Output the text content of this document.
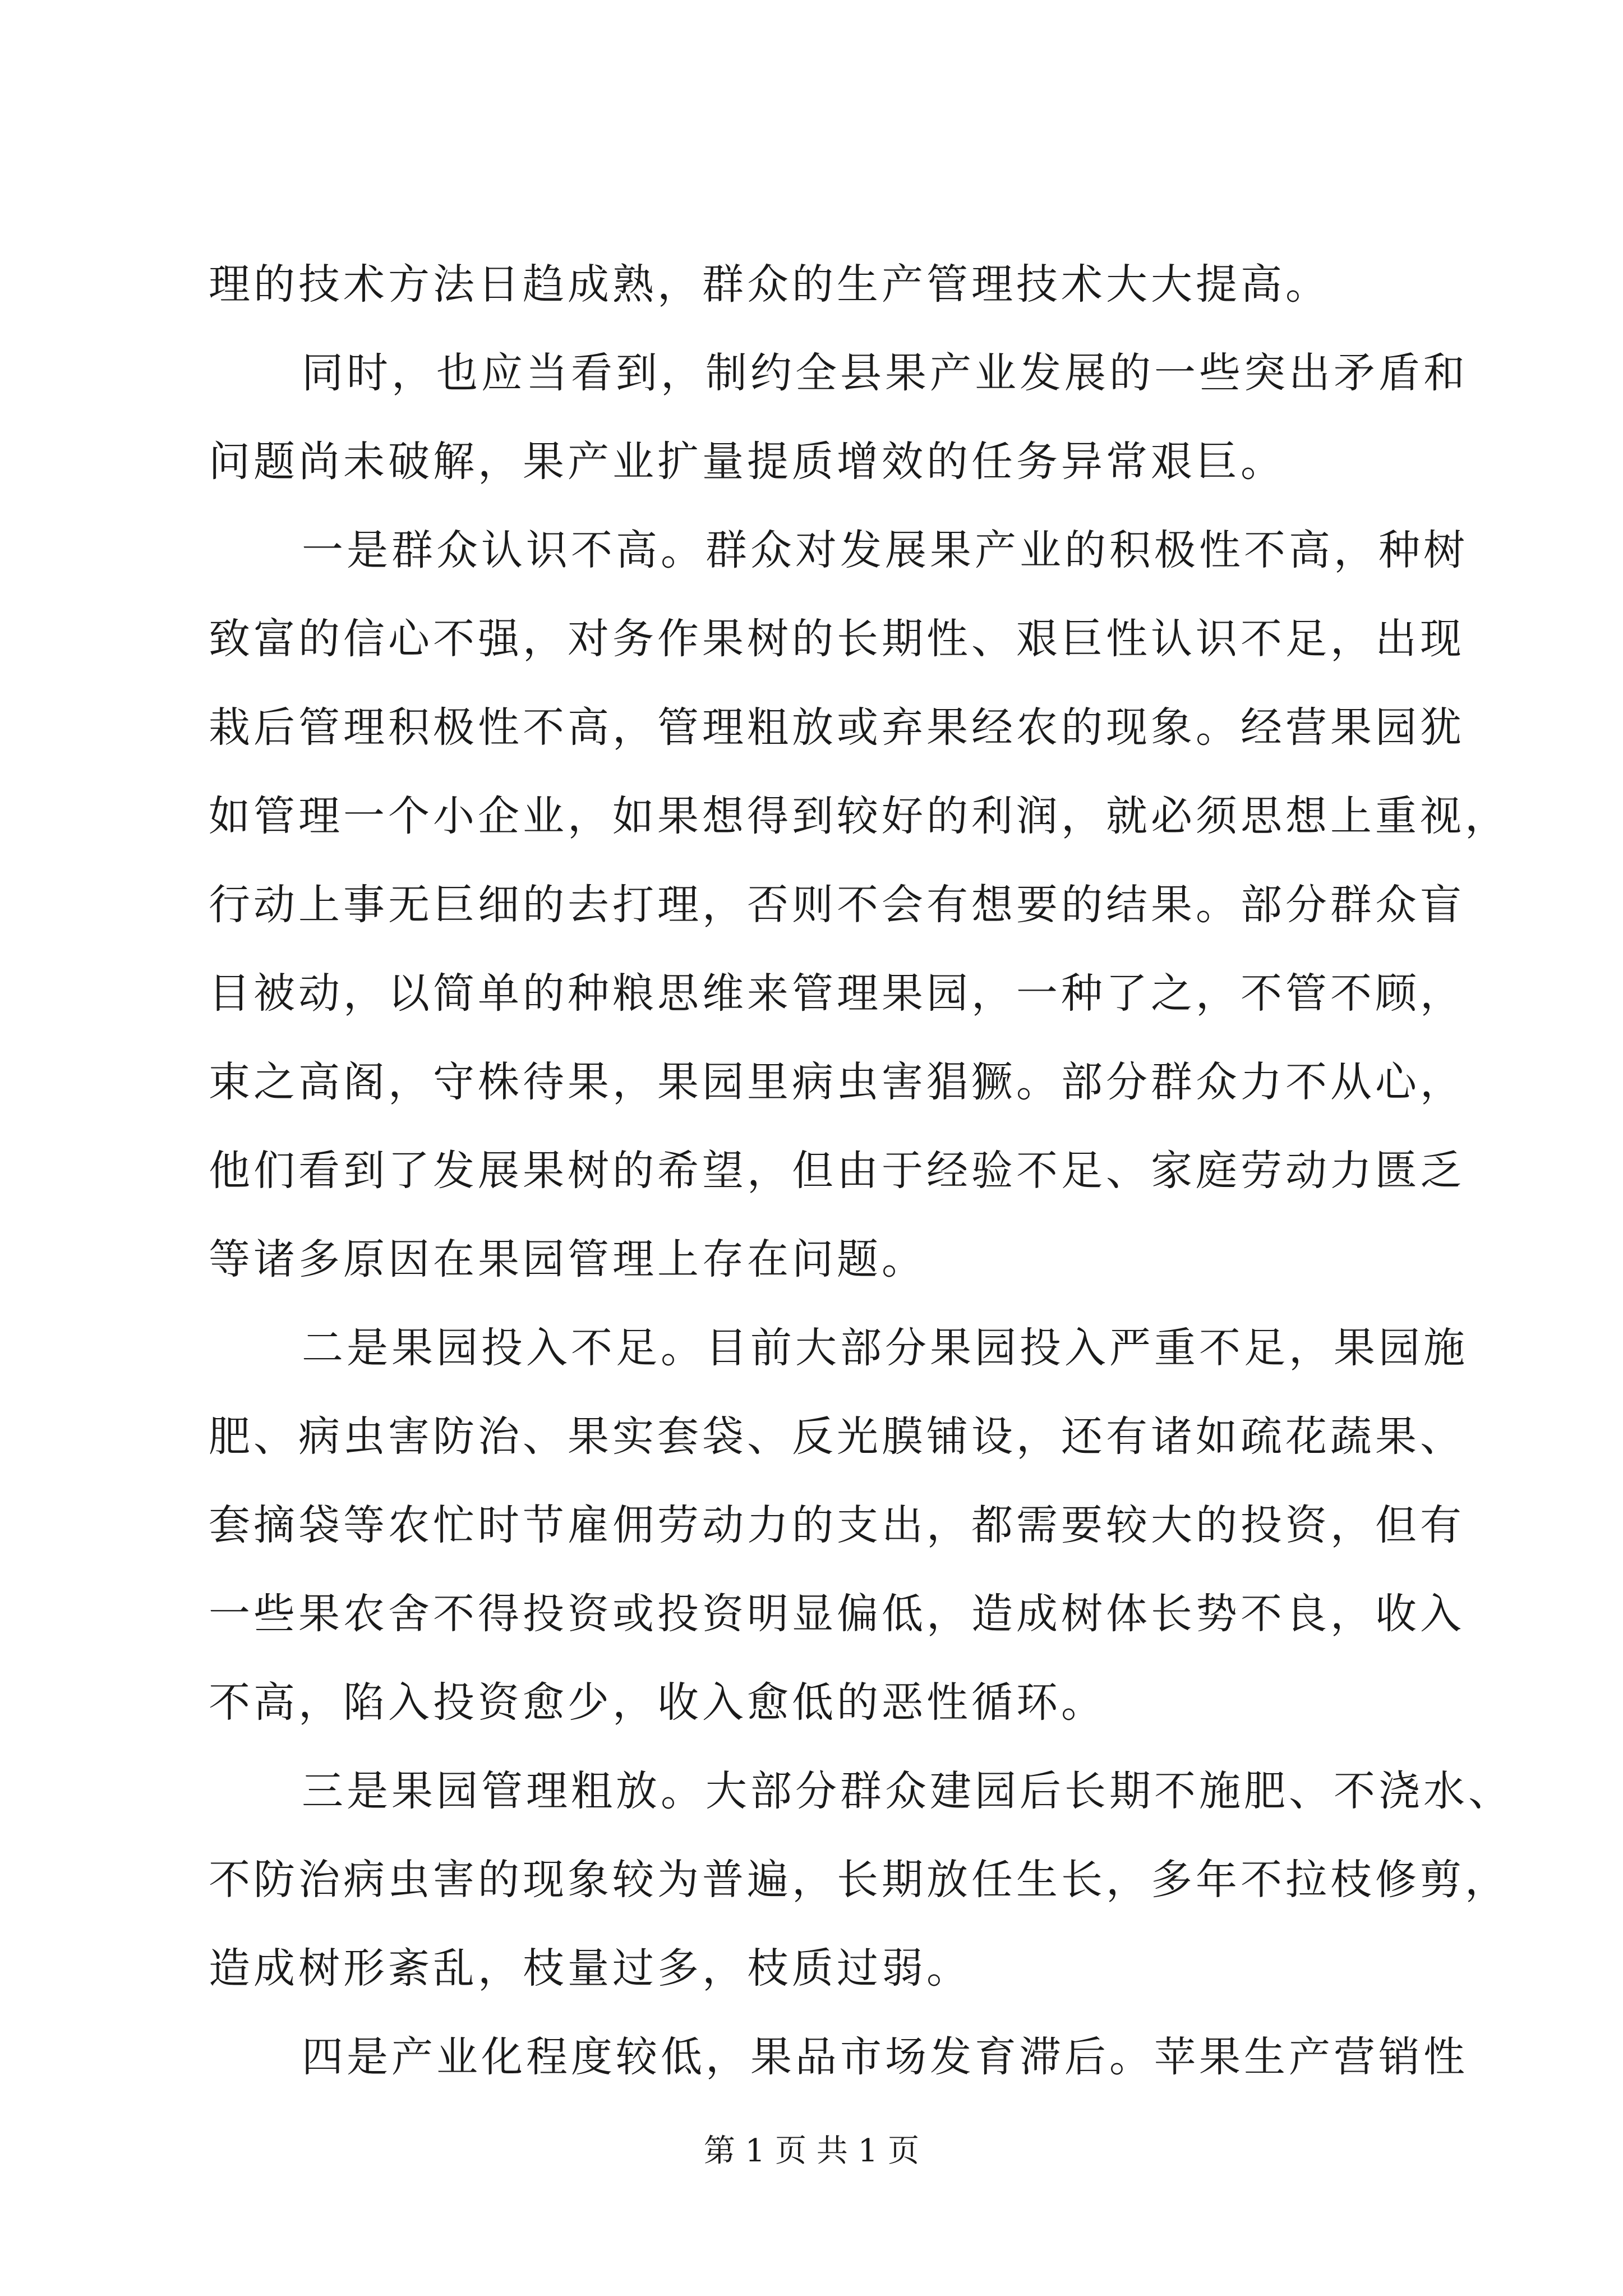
理的技术方法日趋成熟，群众的生产管理技术大大提高。
同时，也应当看到，制约全县果产业发展的一些突出矛盾和
问题尚未破解，果产业扩量提质增效的任务异常艰巨。
一是群众认识不高。群众对发展果产业的积极性不高，种树
致富的信心不强，对务作果树的长期性、艰巨性认识不足，出现
栽后管理积极性不高，管理粗放或弃果经农的现象。经营果园犹
如管理一个小企业，如果想得到较好的利润，就必须思想上重视，
行动上事无巨细的去打理，否则不会有想要的结果。部分群众盲
目被动，以简单的种粮思维来管理果园，一种了之，不管不顾，
束之高阁，守株待果，果园里病虫害猖獗。部分群众力不从心，
他们看到了发展果树的希望，但由于经验不足、家庭劳动力匮乏
等诸多原因在果园管理上存在问题。
二是果园投入不足。目前大部分果园投入严重不足，果园施
肥、病虫害防治、果实套袋、反光膜铺设，还有诸如疏花蔬果、
套摘袋等农忙时节雇佣劳动力的支出，都需要较大的投资，但有
一些果农舍不得投资或投资明显偏低，造成树体长势不良，收入
不高，陷入投资愈少，收入愈低的恶性循环。
三是果园管理粗放。大部分群众建园后长期不施肥、不浇水、
不防治病虫害的现象较为普遍，长期放任生长，多年不拉枝修剪，
造成树形紊乱，枝量过多，枝质过弱。
四是产业化程度较低，果品市场发育滞后。苹果生产营销性
第 1 页 共 1 页
